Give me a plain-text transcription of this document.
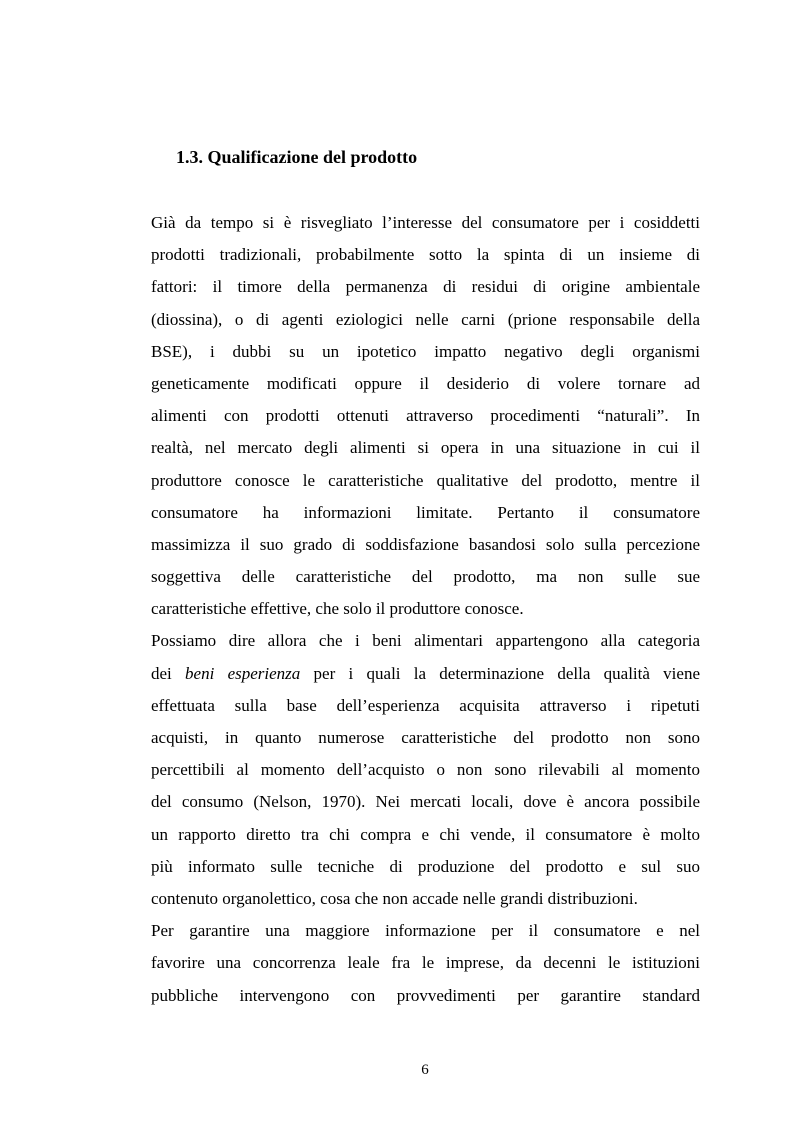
1.3. Qualificazione del prodotto
Già da tempo si è risvegliato l’interesse del consumatore per i cosiddetti
prodotti tradizionali, probabilmente sotto la spinta di un insieme di
fattori: il timore della permanenza di residui di origine ambientale
(diossina), o di agenti eziologici nelle carni (prione responsabile della
BSE), i dubbi su un ipotetico impatto negativo degli organismi
geneticamente modificati oppure il desiderio di volere tornare ad
alimenti con prodotti ottenuti attraverso procedimenti “naturali”. In
realtà, nel mercato degli alimenti si opera in una situazione in cui il
produttore conosce le caratteristiche qualitative del prodotto, mentre il
consumatore ha informazioni limitate. Pertanto il consumatore
massimizza il suo grado di soddisfazione basandosi solo sulla percezione
soggettiva delle caratteristiche del prodotto, ma non sulle sue
caratteristiche effettive, che solo il produttore conosce.
Possiamo dire allora che i beni alimentari appartengono alla categoria
dei beni esperienza per i quali la determinazione della qualità viene
effettuata sulla base dell’esperienza acquisita attraverso i ripetuti
acquisti, in quanto numerose caratteristiche del prodotto non sono
percettibili al momento dell’acquisto o non sono rilevabili al momento
del consumo (Nelson, 1970). Nei mercati locali, dove è ancora possibile
un rapporto diretto tra chi compra e chi vende, il consumatore è molto
più informato sulle tecniche di produzione del prodotto e sul suo
contenuto organolettico, cosa che non accade nelle grandi distribuzioni.
Per garantire una maggiore informazione per il consumatore e nel
favorire una concorrenza leale fra le imprese, da decenni le istituzioni
pubbliche intervengono con provvedimenti per garantire standard
6
